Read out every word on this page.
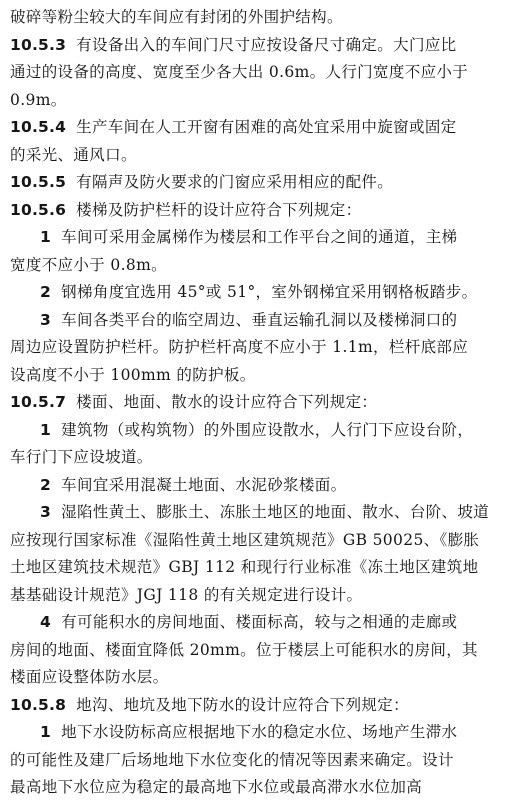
破碎等粉尘较大的车间应有封闭的外围护结构。
10.5.3 有设备出入的车间门尺寸应按设备尺寸确定。大门应比
通过的设备的高度、宽度至少各大出 0.6m。人行门宽度不应小于
0.9m。
10.5.4 生产车间在人工开窗有困难的高处宜采用中旋窗或固定
的采光、通风口。
10.5.5 有隔声及防火要求的门窗应采用相应的配件。
10.5.6 楼梯及防护栏杆的设计应符合下列规定：
1 车间可采用金属梯作为楼层和工作平台之间的通道，主梯
宽度不应小于 0.8m。
2 钢梯角度宜选用 45°或 51°，室外钢梯宜采用钢格板踏步。
3 车间各类平台的临空周边、垂直运输孔洞以及楼梯洞口的
周边应设置防护栏杆。防护栏杆高度不应小于 1.1m，栏杆底部应
设高度不小于 100mm 的防护板。
10.5.7 楼面、地面、散水的设计应符合下列规定：
1 建筑物（或构筑物）的外围应设散水，人行门下应设台阶，
车行门下应设坡道。
2 车间宜采用混凝土地面、水泥砂浆楼面。
3 湿陷性黄土、膨胀土、冻胀土地区的地面、散水、台阶、坡道
应按现行国家标准《湿陷性黄土地区建筑规范》GB 50025、《膨胀
土地区建筑技术规范》GBJ 112 和现行行业标准《冻土地区建筑地
基基础设计规范》JGJ 118 的有关规定进行设计。
4 有可能积水的房间地面、楼面标高，较与之相通的走廊或
房间的地面、楼面宜降低 20mm。位于楼层上可能积水的房间，其
楼面应设整体防水层。
10.5.8 地沟、地坑及地下防水的设计应符合下列规定：
1 地下水设防标高应根据地下水的稳定水位、场地产生滞水
的可能性及建厂后场地地下水位变化的情况等因素来确定。设计
最高地下水位应为稳定的最高地下水位或最高滞水水位加高
